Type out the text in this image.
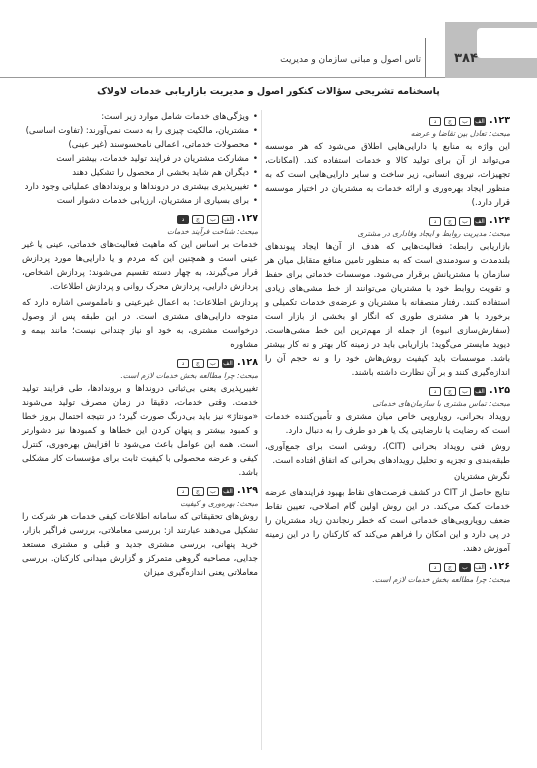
۳۸۴
تاس اصول و مبانی سازمان و مدیریت
پاسخنامه تشریحی سؤالات کنکور اصول و مدیریت بازاریابی خدمات لاولاک
۱۲۳.
الف
ب
ج
د
مبحث: تعادل بین تقاضا و عرضه

این واژه به منابع یا دارایی‌هایی اطلاق می‌شود که هر موسسه می‌تواند از آن برای تولید کالا و خدمات استفاده کند. (امکانات، تجهیزات، نیروی انسانی، زیر ساخت و سایر دارایی‌هایی است که به منظور ایجاد بهره‌وری و ارائه خدمات به مشتریان در اختیار موسسه قرار دارد.)

۱۲۴.
الف
ب
ج
د
مبحث: مدیریت روابط و ایجاد وفاداری در مشتری

بازاریابی رابطه: فعالیت‌هایی که هدف از آن‌ها ایجاد پیوندهای بلندمدت و سودمندی است که به منظور تامین منافع متقابل میان هر سازمان با مشتریانش برقرار می‌شود. موسسات خدماتی برای حفظ و تقویت روابط خود با مشتریان می‌توانند از خط مشی‌های زیادی استفاده کنند. رفتار منصفانه با مشتریان و عرضه‌ی خدمات تکمیلی و برخورد با هر مشتری طوری که انگار او بخشی از بازار است (سفارش‌سازی انبوه) از جمله از مهم‌ترین این خط مشی‌هاست. دیوید مایستر می‌گوید: بازاریابی باید در زمینه کار بهتر و نه کار بیشتر باشد. موسسات باید کیفیت روش‌هاش خود را و نه حجم آن را اندازه‌گیری کنند و بر آن نظارت داشته باشند.

۱۲۵.
الف
ب
ج
د
مبحث: تماس مشتری با سازمان‌های خدماتی

رویداد بحرانی، رویارویی خاص میان مشتری و تأمین‌کننده خدمات است که رضایت یا نارضایتی یک یا هر دو طرف را به دنبال دارد.

روش فنی رویداد بحرانی (CIT)، روشی است برای جمع‌آوری، طبقه‌بندی و تجزیه و تحلیل رویدادهای بحرانی که اتفاق افتاده است.

نگرش مشتریان

نتایج حاصل از CIT در کشف فرصت‌های نقاط بهبود فرایندهای عرضه خدمات کمک می‌کند. در این روش اولین گام اصلاحی، تعیین نقاط ضعف رویارویی‌های خدماتی است که خطر رنجاندن زیاد مشتریان را در پی دارد و این امکان را فراهم می‌کند که کارکنان را در این زمینه آموزش دهند.

۱۲۶.
الف
ب
ج
د
مبحث: چرا مطالعه بخش خدمات لازم است.
• ویژگی‌های خدمات شامل موارد زیر است:
• مشتریان، مالکیت چیزی را به دست نمی‌آورند: (تفاوت اساسی)
• محصولات خدماتی، اعمالی نامحسوسند (غیر عینی)
• مشارکت مشتریان در فرایند تولید خدمات، بیشتر است
• دیگران هم شاید بخشی از محصول را تشکیل دهند
• تغییرپذیری بیشتری در درونداها و بروندادهای عملیاتی وجود دارد
• برای بسیاری از مشتریان، ارزیابی خدمات دشوار است
۱۲۷.
الف
ب
ج
د
مبحث: شناخت فرآیند خدمات

خدمات بر اساس این که ماهیت فعالیت‌های خدماتی، عینی یا غیر عینی است و همچنین این که مردم و یا دارایی‌ها مورد پردازش قرار می‌گیرند، به چهار دسته تقسیم می‌شوند: پردازش اشخاص، پردازش دارایی، پردازش محرک روانی و پردازش اطلاعات.

پردازش اطلاعات: به اعمال غیرعینی و ناملموسی اشاره دارد که متوجه دارایی‌های مشتری است. در این طبقه پس از وصول درخواست مشتری، به خود او نیاز چندانی نیست؛ مانند بیمه و مشاوره

۱۲۸.
الف
ب
ج
د
مبحث: چرا مطالعه بخش خدمات لازم است.

تغییرپذیری یعنی بی‌ثباتی درونداها و بروندادها، طی فرایند تولید خدمت. وقتی خدمات، دقیقا در زمان مصرف تولید می‌شوند «مونتاژ» نیز باید بی‌درنگ صورت گیرد؛ در نتیجه احتمال بروز خطا و کمبود بیشتر و پنهان کردن این خطاها و کمبودها نیز دشوارتر است. همه این عوامل باعث می‌شود تا افزایش بهره‌وری، کنترل کیفی و عرضه محصولی با کیفیت ثابت برای مؤسسات کار مشکلی باشد.

۱۲۹.
الف
ب
ج
د
مبحث: بهره‌وری و کیفیت

روش‌های تحقیقاتی که سامانه اطلاعات کیفی خدمات هر شرکت را تشکیل می‌دهند عبارتند از: بررسی معاملاتی، بررسی فراگیر بازار، خرید پنهانی، بررسی مشتری جدید و قبلی و مشتری مستعد جدایی، مصاحبه گروهی متمرکز و گزارش میدانی کارکنان. بررسی معاملاتی یعنی اندازه‌گیری میزان
